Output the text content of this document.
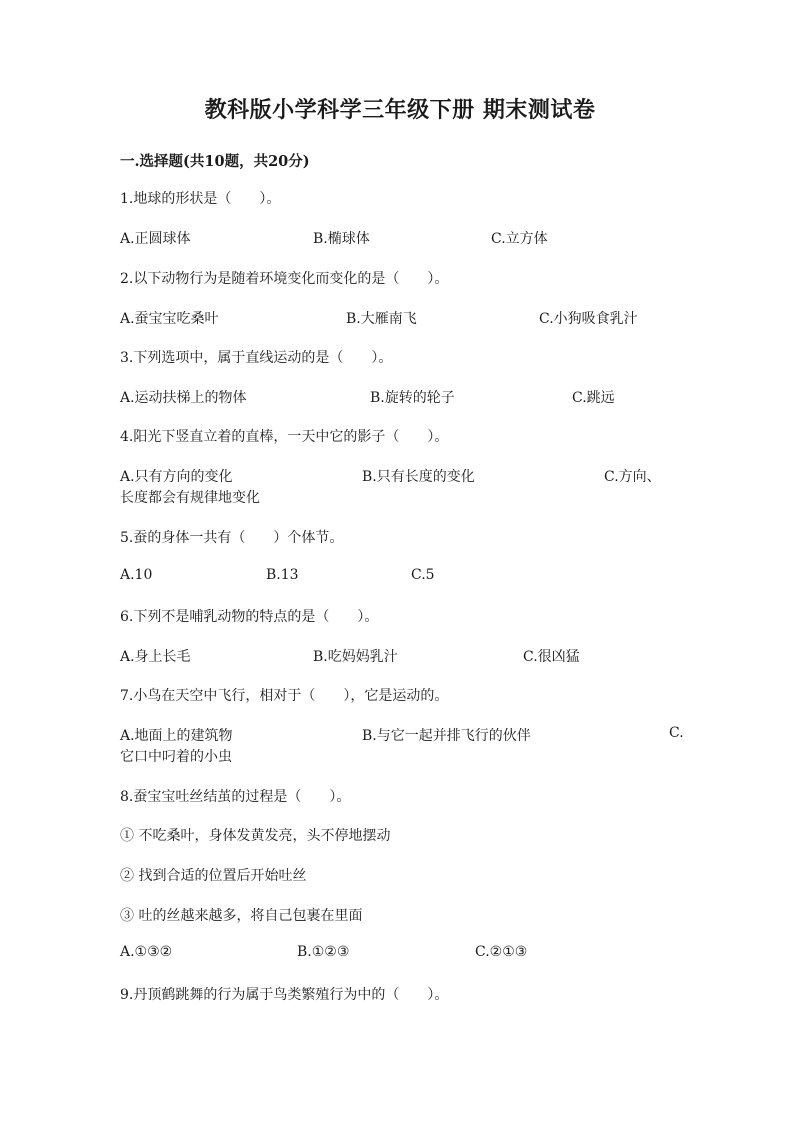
教科版小学科学三年级下册 期末测试卷
一.选择题(共10题，共20分)
1.地球的形状是（　　）。
A.正圆球体	B.椭球体	C.立方体
2.以下动物行为是随着环境变化而变化的是（　　）。
A.蚕宝宝吃桑叶	B.大雁南飞	C.小狗吸食乳汁
3.下列选项中，属于直线运动的是（　　）。
A.运动扶梯上的物体	B.旋转的轮子	C.跳远
4.阳光下竖直立着的直棒，一天中它的影子（　　）。
A.只有方向的变化	B.只有长度的变化	C.方向、
长度都会有规律地变化
5.蚕的身体一共有（　　）个体节。
A.10	B.13	C.5
6.下列不是哺乳动物的特点的是（　　）。
A.身上长毛	B.吃妈妈乳汁	C.很凶猛
7.小鸟在天空中飞行，相对于（　　），它是运动的。
A.地面上的建筑物	B.与它一起并排飞行的伙伴	C.
它口中叼着的小虫
8.蚕宝宝吐丝结茧的过程是（　　）。
① 不吃桑叶，身体发黄发亮，头不停地摆动
② 找到合适的位置后开始吐丝
③ 吐的丝越来越多，将自己包裹在里面
A.①③②	B.①②③	C.②①③
9.丹顶鹤跳舞的行为属于鸟类繁殖行为中的（　　）。
